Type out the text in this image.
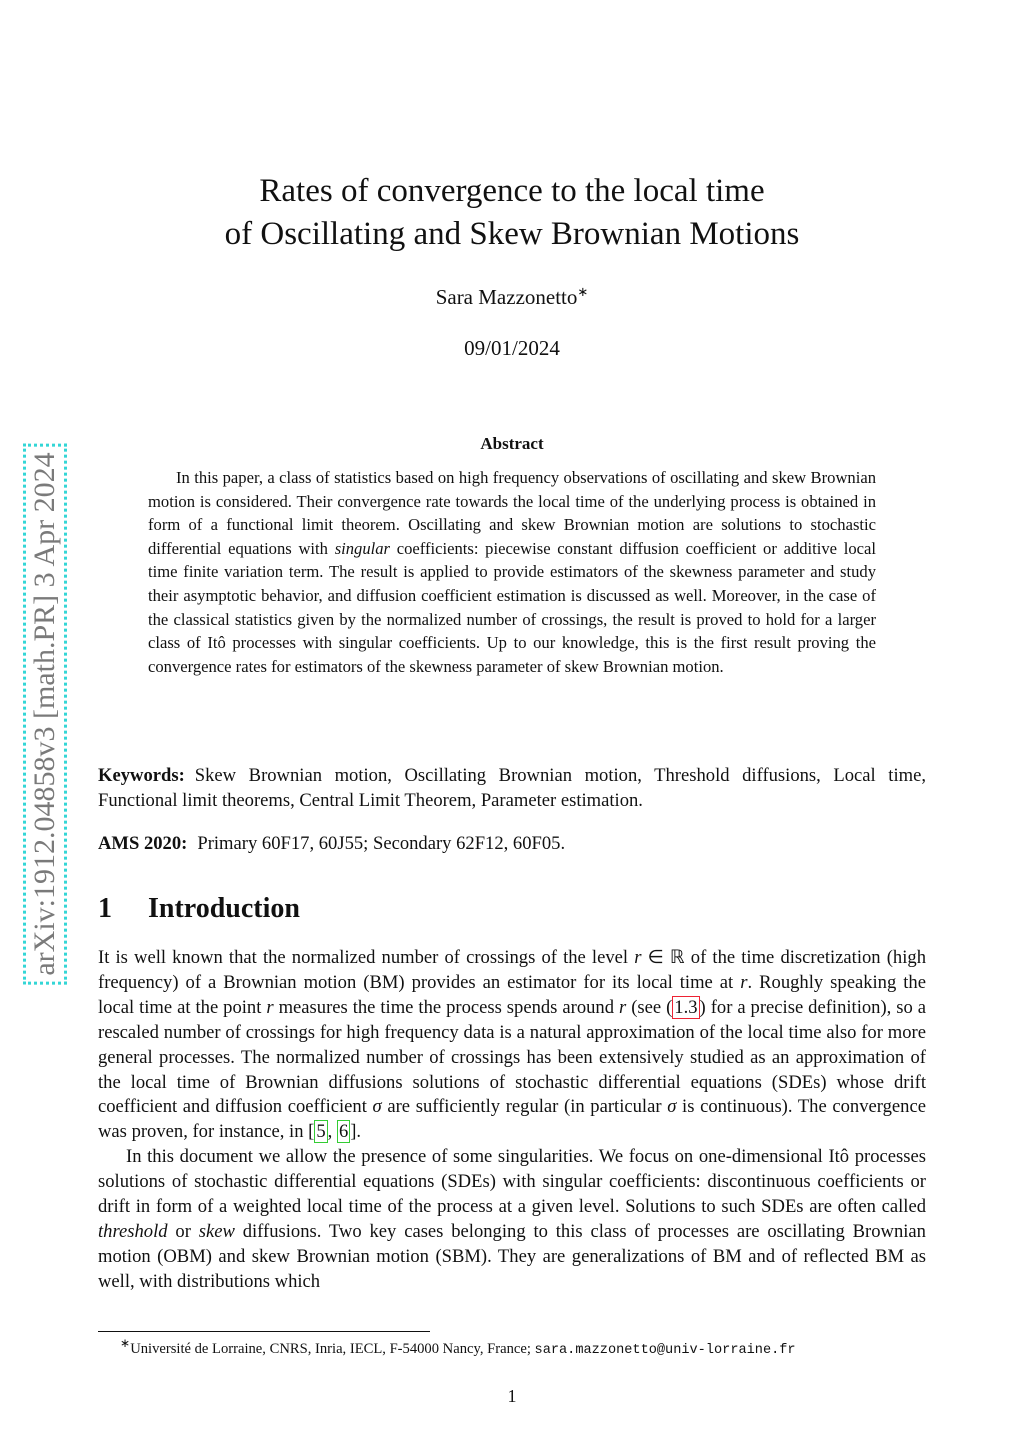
arXiv:1912.04858v3 [math.PR] 3 Apr 2024
Rates of convergence to the local time
of Oscillating and Skew Brownian Motions
Sara Mazzonetto∗
09/01/2024
Abstract
In this paper, a class of statistics based on high frequency observations of oscillating and skew Brownian motion is considered. Their convergence rate towards the local time of the underlying process is obtained in form of a functional limit theorem. Oscillating and skew Brownian motion are solutions to stochastic differential equations with singular coefficients: piecewise constant diffusion coefficient or additive local time finite variation term. The result is applied to provide estimators of the skewness parameter and study their asymptotic behavior, and diffusion coefficient estimation is discussed as well. Moreover, in the case of the classical statistics given by the normalized number of crossings, the result is proved to hold for a larger class of Itô processes with singular coefficients. Up to our knowledge, this is the first result proving the convergence rates for estimators of the skewness parameter of skew Brownian motion.
Keywords: Skew Brownian motion, Oscillating Brownian motion, Threshold diffusions, Local time, Functional limit theorems, Central Limit Theorem, Parameter estimation.
AMS 2020: Primary 60F17, 60J55; Secondary 62F12, 60F05.
1 Introduction

It is well known that the normalized number of crossings of the level r ∈ ℝ of the time discretization (high frequency) of a Brownian motion (BM) provides an estimator for its local time at r. Roughly speaking the local time at the point r measures the time the process spends around r (see ( 1.3 ) for a precise definition), so a rescaled number of crossings for high frequency data is a natural approximation of the local time also for more general processes. The normalized number of crossings has been extensively studied as an approximation of the local time of Brownian diffusions solutions of stochastic differential equations (SDEs) whose drift coefficient and diffusion coefficient σ are sufficiently regular (in particular σ is continuous). The convergence was proven, for instance, in [ 5 , 6 ].

In this document we allow the presence of some singularities. We focus on one-dimensional Itô processes solutions of stochastic differential equations (SDEs) with singular coefficients: discontinuous coefficients or drift in form of a weighted local time of the process at a given level. Solutions to such SDEs are often called threshold or skew diffusions. Two key cases belonging to this class of processes are oscillating Brownian motion (OBM) and skew Brownian motion (SBM). They are generalizations of BM and of reflected BM as well, with distributions which

∗Université de Lorraine, CNRS, Inria, IECL, F-54000 Nancy, France; sara.mazzonetto@univ-lorraine.fr
1
